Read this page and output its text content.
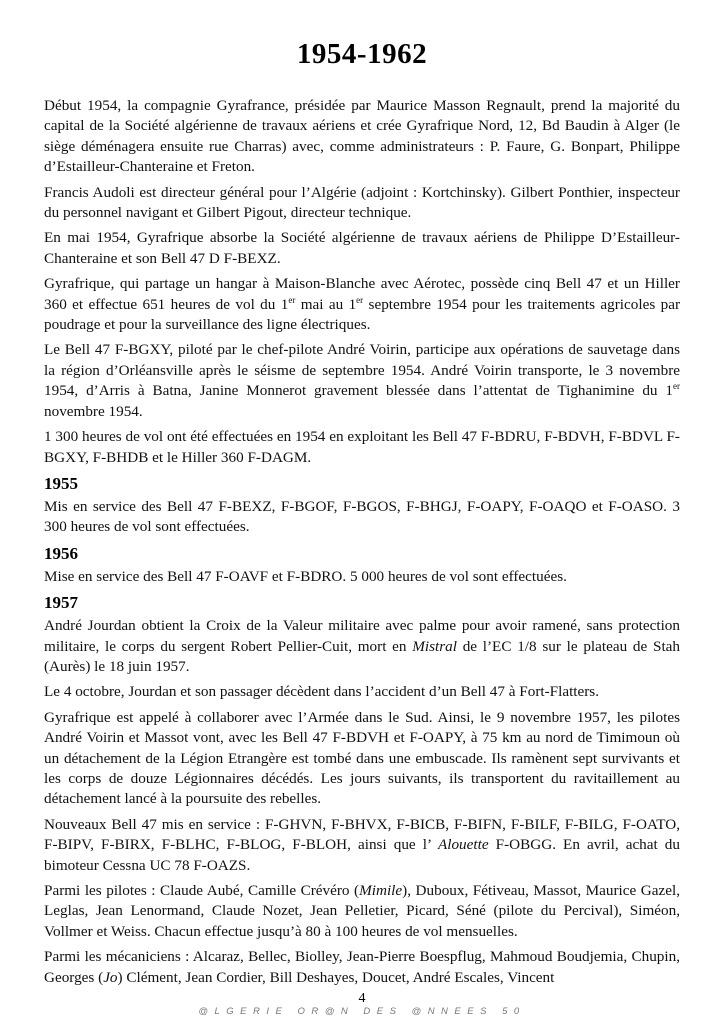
1954-1962

Début 1954, la compagnie Gyrafrance, présidée par Maurice Masson Regnault, prend la majorité du capital de la Société algérienne de travaux aériens et crée Gyrafrique Nord, 12, Bd Baudin à Alger (le siège déménagera ensuite rue Charras) avec, comme administrateurs : P. Faure, G. Bonpart, Philippe d’Estailleur-Chanteraine et Freton.

Francis Audoli est directeur général pour l’Algérie (adjoint : Kortchinsky). Gilbert Ponthier, inspecteur du personnel navigant et Gilbert Pigout, directeur technique.

En mai 1954, Gyrafrique absorbe la Société algérienne de travaux aériens de Philippe D’Estailleur-Chanteraine et son Bell 47 D F-BEXZ.

Gyrafrique, qui partage un hangar à Maison-Blanche avec Aérotec, possède cinq Bell 47 et un Hiller 360 et effectue 651 heures de vol du 1er mai au 1er septembre 1954 pour les traitements agricoles par poudrage et pour la surveillance des ligne électriques.

Le Bell 47 F-BGXY, piloté par le chef-pilote André Voirin, participe aux opérations de sauvetage dans la région d’Orléansville après le séisme de septembre 1954. André Voirin transporte, le 3 novembre 1954, d’Arris à Batna, Janine Monnerot gravement blessée dans l’attentat de Tighanimine du 1er novembre 1954.

1 300 heures de vol ont été effectuées en 1954 en exploitant les Bell 47 F-BDRU, F-BDVH, F-BDVL F-BGXY, F-BHDB et le Hiller 360 F-DAGM.

1955

Mis en service des Bell 47 F-BEXZ, F-BGOF, F-BGOS, F-BHGJ, F-OAPY, F-OAQO et F-OASO. 3 300 heures de vol sont effectuées.

1956

Mise en service des Bell 47 F-OAVF et F-BDRO. 5 000 heures de vol sont effectuées.

1957

André Jourdan obtient la Croix de la Valeur militaire avec palme pour avoir ramené, sans protection militaire, le corps du sergent Robert Pellier-Cuit, mort en Mistral de l’EC 1/8 sur le plateau de Stah (Aurès) le 18 juin 1957.

Le 4 octobre, Jourdan et son passager décèdent dans l’accident d’un Bell 47 à Fort-Flatters.

Gyrafrique est appelé à collaborer avec l’Armée dans le Sud. Ainsi, le 9 novembre 1957, les pilotes André Voirin et Massot vont, avec les Bell 47 F-BDVH et F-OAPY, à 75 km au nord de Timimoun où un détachement de la Légion Etrangère est tombé dans une embuscade. Ils ramènent sept survivants et les corps de douze Légionnaires décédés. Les jours suivants, ils transportent du ravitaillement au détachement lancé à la poursuite des rebelles.

Nouveaux Bell 47 mis en service : F-GHVN, F-BHVX, F-BICB, F-BIFN, F-BILF, F-BILG, F-OATO, F-BIPV, F-BIRX, F-BLHC, F-BLOG, F-BLOH, ainsi que l’ Alouette F-OBGG. En avril, achat du bimoteur Cessna UC 78 F-OAZS.

Parmi les pilotes : Claude Aubé, Camille Crévéro (Mimile), Duboux, Fétiveau, Massot, Maurice Gazel, Leglas, Jean Lenormand, Claude Nozet, Jean Pelletier, Picard, Séné (pilote du Percival), Siméon, Vollmer et Weiss. Chacun effectue jusqu’à 80 à 100 heures de vol mensuelles.

Parmi les mécaniciens : Alcaraz, Bellec, Biolley, Jean-Pierre Boespflug, Mahmoud Boudjemia, Chupin, Georges (Jo) Clément, Jean Cordier, Bill Deshayes, Doucet, André Escales, Vincent

4
@LGERIE OR@N DES @NNEES 50
